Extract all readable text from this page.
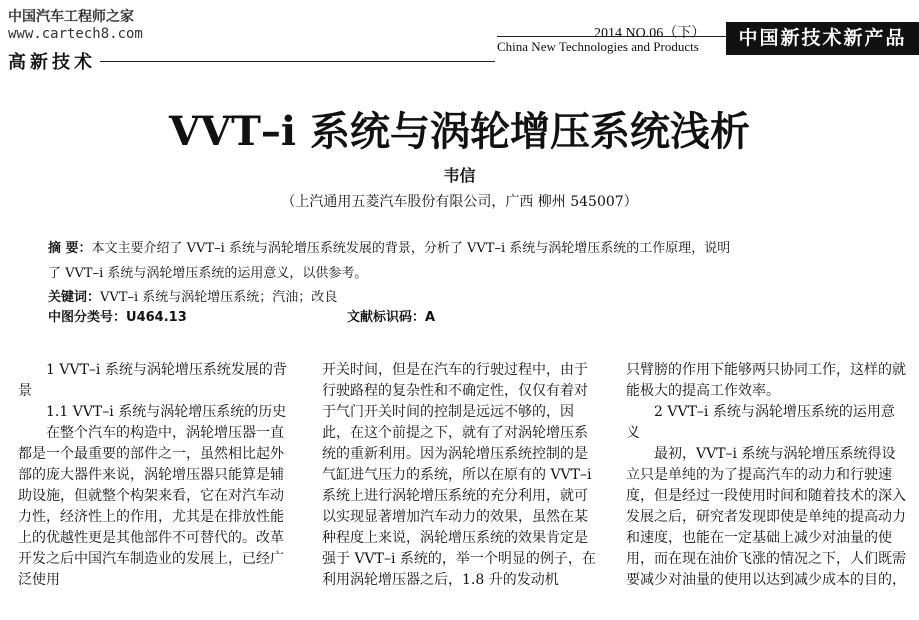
中国汽车工程师之家
www.cartech8.com
高新技术
2014 NO.06（下）
China New Technologies and Products	中国新技术新产品
VVT–i 系统与涡轮增压系统浅析
韦信
（上汽通用五菱汽车股份有限公司，广西 柳州 545007）
摘 要：本文主要介绍了 VVT–i 系统与涡轮增压系统发展的背景，分析了 VVT–i 系统与涡轮增压系统的工作原理，说明
了 VVT–i 系统与涡轮增压系统的运用意义，以供参考。
关键词：VVT–i 系统与涡轮增压系统；汽油；改良
中图分类号：U464.13	文献标识码：A

1 VVT–i 系统与涡轮增压系统发展的背景

1.1 VVT–i 系统与涡轮增压系统的历史

在整个汽车的构造中，涡轮增压器一直都是一个最重要的部件之一，虽然相比起外部的庞大器件来说，涡轮增压器只能算是辅助设施，但就整个构架来看，它在对汽车动力性，经济性上的作用，尤其是在排放性能上的优越性更是其他部件不可替代的。改革开发之后中国汽车制造业的发展上，已经广泛使用

开关时间，但是在汽车的行驶过程中，由于行驶路程的复杂性和不确定性，仅仅有着对于气门开关时间的控制是远远不够的，因此，在这个前提之下，就有了对涡轮增压系统的重新利用。因为涡轮增压系统控制的是气缸进气压力的系统，所以在原有的 VVT–i 系统上进行涡轮增压系统的充分利用，就可以实现显著增加汽车动力的效果，虽然在某种程度上来说，涡轮增压系统的效果肯定是强于 VVT–i 系统的，举一个明显的例子，在利用涡轮增压器之后，1.8 升的发动机

只臂膀的作用下能够两只协同工作，这样的就能极大的提高工作效率。

2 VVT–i 系统与涡轮增压系统的运用意义

最初，VVT–i 系统与涡轮增压系统得设立只是单纯的为了提高汽车的动力和行驶速度，但是经过一段使用时间和随着技术的深入发展之后，研究者发现即使是单纯的提高动力和速度，也能在一定基础上减少对油量的使用，而在现在油价飞涨的情况之下，人们既需要减少对油量的使用以达到减少成本的目的，
